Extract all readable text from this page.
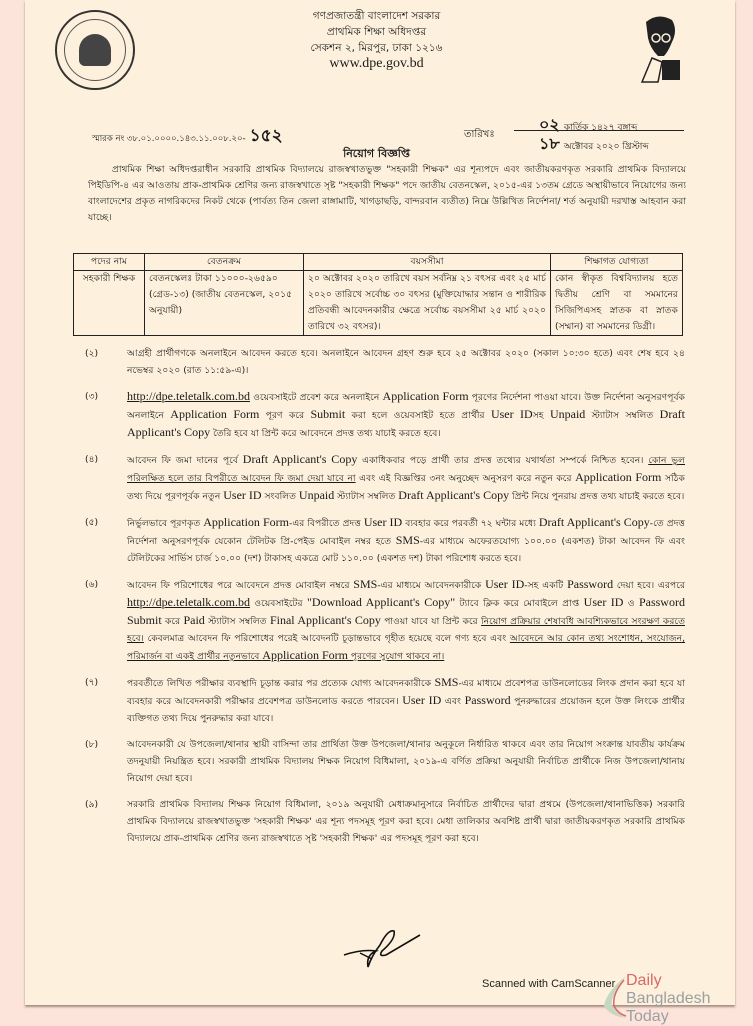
গণপ্রজাতন্ত্রী বাংলাদেশ সরকার
প্রাথমিক শিক্ষা অধিদপ্তর
সেকশন ২, মিরপুর, ঢাকা ১২১৬
www.dpe.gov.bd
স্মারক নং ৩৮.০১.০০০০.১৪৩.১১.০০৮.২০- ১৫২	তারিখঃ
০২ কার্তিক ১৪২৭ বঙ্গাব্দ
১৮ অক্টোবর ২০২০ খ্রিস্টাব্দ
নিয়োগ বিজ্ঞপ্তি
প্রাথমিক শিক্ষা অধিদপ্তরাধীন সরকারি প্রাথমিক বিদ্যালয়ে রাজস্বখাতভুক্ত "সহকারী শিক্ষক" এর শূন্যপদে এবং জাতীয়করণকৃত সরকারি প্রাথমিক বিদ্যালয়ে পিইডিপি-৪ এর আওতায় প্রাক-প্রাথমিক শ্রেণির জন্য রাজস্বখাতে সৃষ্ট "সহকারী শিক্ষক" পদে জাতীয় বেতনস্কেল, ২০১৫-এর ১৩তম গ্রেডে অস্থায়ীভাবে নিয়োগের জন্য বাংলাদেশের প্রকৃত নাগরিকদের নিকট থেকে (পার্বত্য তিন জেলা রাঙ্গামাটি, খাগড়াছড়ি, বান্দরবান ব্যতীত) নিম্নে উল্লিখিত নির্দেশনা/ শর্ত অনুযায়ী দরখাস্ত আহবান করা যাচ্ছে।
পদের নাম	বেতনক্রম	বয়সসীমা	শিক্ষাগত যোগ্যতা
সহকারী শিক্ষক	বেতনস্কেলঃ টাকা ১১০০০-২৬৫৯০ (গ্রেড-১৩) (জাতীয় বেতনস্কেল, ২০১৫ অনুযায়ী)	২০ অক্টোবর ২০২০ তারিখে বয়স সর্বনিম্ন ২১ বৎসর এবং ২৫ মার্চ ২০২০ তারিখে সর্বোচ্চ ৩০ বৎসর (মুক্তিযোদ্ধার সন্তান ও শারীরিক প্রতিবন্ধী আবেদনকারীর ক্ষেত্রে সর্বোচ্চ বয়সসীমা ২৫ মার্চ ২০২০ তারিখে ৩২ বৎসর)।	কোন স্বীকৃত বিশ্ববিদ্যালয় হতে দ্বিতীয় শ্রেণি বা সমমানের সিজিপিএসহ স্নাতক বা স্নাতক (সম্মান) বা সমমানের ডিগ্রী।
(২)	আগ্রহী প্রার্থীগণকে অনলাইনে আবেদন করতে হবে। অনলাইনে আবেদন গ্রহণ শুরু হবে ২৫ অক্টোবর ২০২০ (সকাল ১০:৩০ হতে) এবং শেষ হবে ২৪ নভেম্বর ২০২০ (রাত ১১:৫৯-এ)।
(৩) http://dpe.teletalk.com.bd ওয়েবসাইটে প্রবেশ করে অনলাইনে Application Form পূরণের নির্দেশনা পাওয়া যাবে। উক্ত নির্দেশনা অনুসরণপূর্বক অনলাইনে Application Form পূরণ করে Submit করা হলে ওয়েবসাইট হতে প্রার্থীর User IDসহ Unpaid স্ট্যাটাস সম্বলিত Draft Applicant's Copy তৈরি হবে যা প্রিন্ট করে আবেদনে প্রদত্ত তথ্য যাচাই করতে হবে।
(৪)	আবেদন ফি জমা দানের পূর্বে Draft Applicant's Copy একাধিকবার পড়ে প্রার্থী তার প্রদত্ত তথ্যের যথার্থতা সম্পর্কে নিশ্চিত হবেন। কোন ভুল পরিলক্ষিত হলে তার বিপরীতে আবেদন ফি জমা দেয়া যাবে না এবং এই বিজ্ঞপ্তির ৩নং অনুচ্ছেদ অনুসরণ করে নতুন করে Application Form সঠিক তথ্য দিয়ে পূরণপূর্বক নতুন User ID সংবলিত Unpaid স্ট্যাটাস সম্বলিত Draft Applicant's Copy প্রিন্ট নিয়ে পুনরায় প্রদত্ত তথ্য যাচাই করতে হবে।
(৫)	নির্ভুলভাবে পূরণকৃত Application Form-এর বিপরীতে প্রদত্ত User ID ব্যবহার করে পরবর্তী ৭২ ঘন্টার মধ্যে Draft Applicant's Copy-তে প্রদত্ত নির্দেশনা অনুসরণপূর্বক যেকোন টেলিটক প্রি-পেইড মোবাইল নম্বর হতে SMS-এর মাধ্যমে অফেরতযোগ্য ১০০.০০ (একশত) টাকা আবেদন ফি এবং টেলিটকের সার্ভিস চার্জ ১০.০০ (দশ) টাকাসহ একত্রে মোট ১১০.০০ (একশত দশ) টাকা পরিশোধ করতে হবে।
(৬)	আবেদন ফি পরিশোধের পরে আবেদনে প্রদত্ত মোবাইল নম্বরে SMS-এর মাধ্যমে আবেদনকারীকে User ID-সহ একটি Password দেয়া হবে। এরপরে http://dpe.teletalk.com.bd ওয়েবসাইটের "Download Applicant's Copy" ট্যাবে ক্লিক করে মোবাইলে প্রাপ্ত User ID ও Password Submit করে Paid স্ট্যাটাস সম্বলিত Final Applicant's Copy পাওয়া যাবে যা প্রিন্ট করে নিয়োগ প্রক্রিয়ার শেষাবধি আবশ্যিকভাবে সংরক্ষণ করতে হবে। কেবলমাত্র আবেদন ফি পরিশোধের পরেই আবেদনটি চূড়ান্তভাবে গৃহীত হয়েছে বলে গণ্য হবে এবং আবেদনে আর কোন তথ্য সংশোধন, সংযোজন, পরিমার্জন বা একই প্রার্থীর নতুনভাবে Application Form পূরণের সুযোগ থাকবে না।
(৭)	পরবর্তীতে লিখিত পরীক্ষার ব্যবস্থাদি চূড়ান্ত করার পর প্রত্যেক যোগ্য আবেদনকারীকে SMS-এর মাধ্যমে প্রবেশপত্র ডাউনলোডের লিংক প্রদান করা হবে যা ব্যবহার করে আবেদনকারী পরীক্ষার প্রবেশপত্র ডাউনলোড করতে পারবেন। User ID এবং Password পুনরুদ্ধারের প্রয়োজন হলে উক্ত লিংকে প্রার্থীর ব্যক্তিগত তথ্য দিয়ে পুনরুদ্ধার করা যাবে।
(৮)	আবেদনকারী যে উপজেলা/থানার স্থায়ী বাসিন্দা তার প্রার্থিতা উক্ত উপজেলা/থানার অনুকূলে নির্ধারিত থাকবে এবং তার নিয়োগ সংক্রান্ত যাবতীয় কার্যক্রম তদনুযায়ী নিয়ন্ত্রিত হবে। সরকারী প্রাথমিক বিদ্যালয় শিক্ষক নিয়োগ বিধিমালা, ২০১৯-এ বর্ণিত প্রক্রিয়া অনুযায়ী নির্বাচিত প্রার্থীকে নিজ উপজেলা/থানায় নিয়োগ দেয়া হবে।
(৯)	সরকারি প্রাথমিক বিদ্যালয় শিক্ষক নিয়োগ বিধিমালা, ২০১৯ অনুযায়ী মেধাক্রমানুসারে নির্বাচিত প্রার্থীদের দ্বারা প্রথমে (উপজেলা/থানাভিত্তিক) সরকারি প্রাথমিক বিদ্যালয়ে রাজস্বখাতভুক্ত 'সহকারী শিক্ষক' এর শূন্য পদসমূহ পূরণ করা হবে। মেধা তালিকার অবশিষ্ট প্রার্থী দ্বারা জাতীয়করণকৃত সরকারি প্রাথমিক বিদ্যালয়ে প্রাক-প্রাথমিক শ্রেণির জন্য রাজস্বখাতে সৃষ্ট 'সহকারী শিক্ষক' এর পদসমূহ পূরণ করা হবে।
Scanned with CamScanner Daily
Bangladesh Today
